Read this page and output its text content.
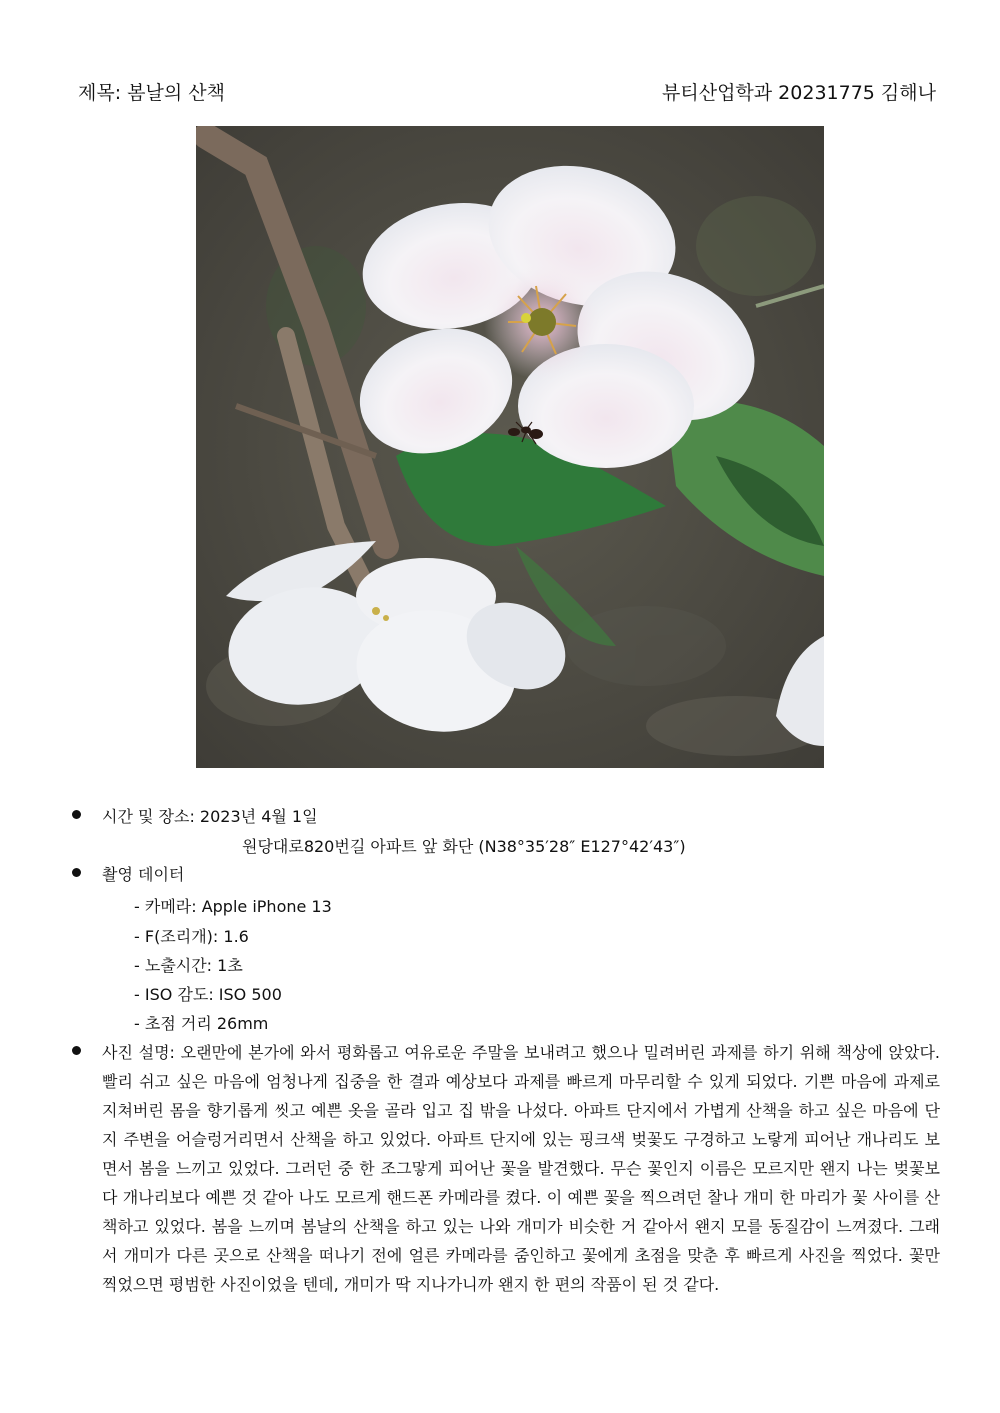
제목: 봄날의 산책	뷰티산업학과 20231775 김해나
시간 및 장소: 2023년 4월 1일
원당대로820번길 아파트 앞 화단 (N38°35′28″ E127°42′43″)
촬영 데이터
- 카메라: Apple iPhone 13
- F(조리개): 1.6
- 노출시간: 1초
- ISO 감도: ISO 500
- 초점 거리 26mm
사진 설명: 오랜만에 본가에 와서 평화롭고 여유로운 주말을 보내려고 했으나 밀려버린 과제를 하기 위해 책상에 앉았다. 빨리 쉬고 싶은 마음에 엄청나게 집중을 한 결과 예상보다 과제를 빠르게 마무리할 수 있게 되었다. 기쁜 마음에 과제로 지쳐버린 몸을 향기롭게 씻고 예쁜 옷을 골라 입고 집 밖을 나섰다. 아파트 단지에서 가볍게 산책을 하고 싶은 마음에 단지 주변을 어슬렁거리면서 산책을 하고 있었다. 아파트 단지에 있는 핑크색 벚꽃도 구경하고 노랗게 피어난 개나리도 보면서 봄을 느끼고 있었다. 그러던 중 한 조그맣게 피어난 꽃을 발견했다. 무슨 꽃인지 이름은 모르지만 왠지 나는 벚꽃보다 개나리보다 예쁜 것 같아 나도 모르게 핸드폰 카메라를 켰다. 이 예쁜 꽃을 찍으려던 찰나 개미 한 마리가 꽃 사이를 산책하고 있었다. 봄을 느끼며 봄날의 산책을 하고 있는 나와 개미가 비슷한 거 같아서 왠지 모를 동질감이 느껴졌다. 그래서 개미가 다른 곳으로 산책을 떠나기 전에 얼른 카메라를 줌인하고 꽃에게 초점을 맞춘 후 빠르게 사진을 찍었다. 꽃만 찍었으면 평범한 사진이었을 텐데, 개미가 딱 지나가니까 왠지 한 편의 작품이 된 것 같다.
